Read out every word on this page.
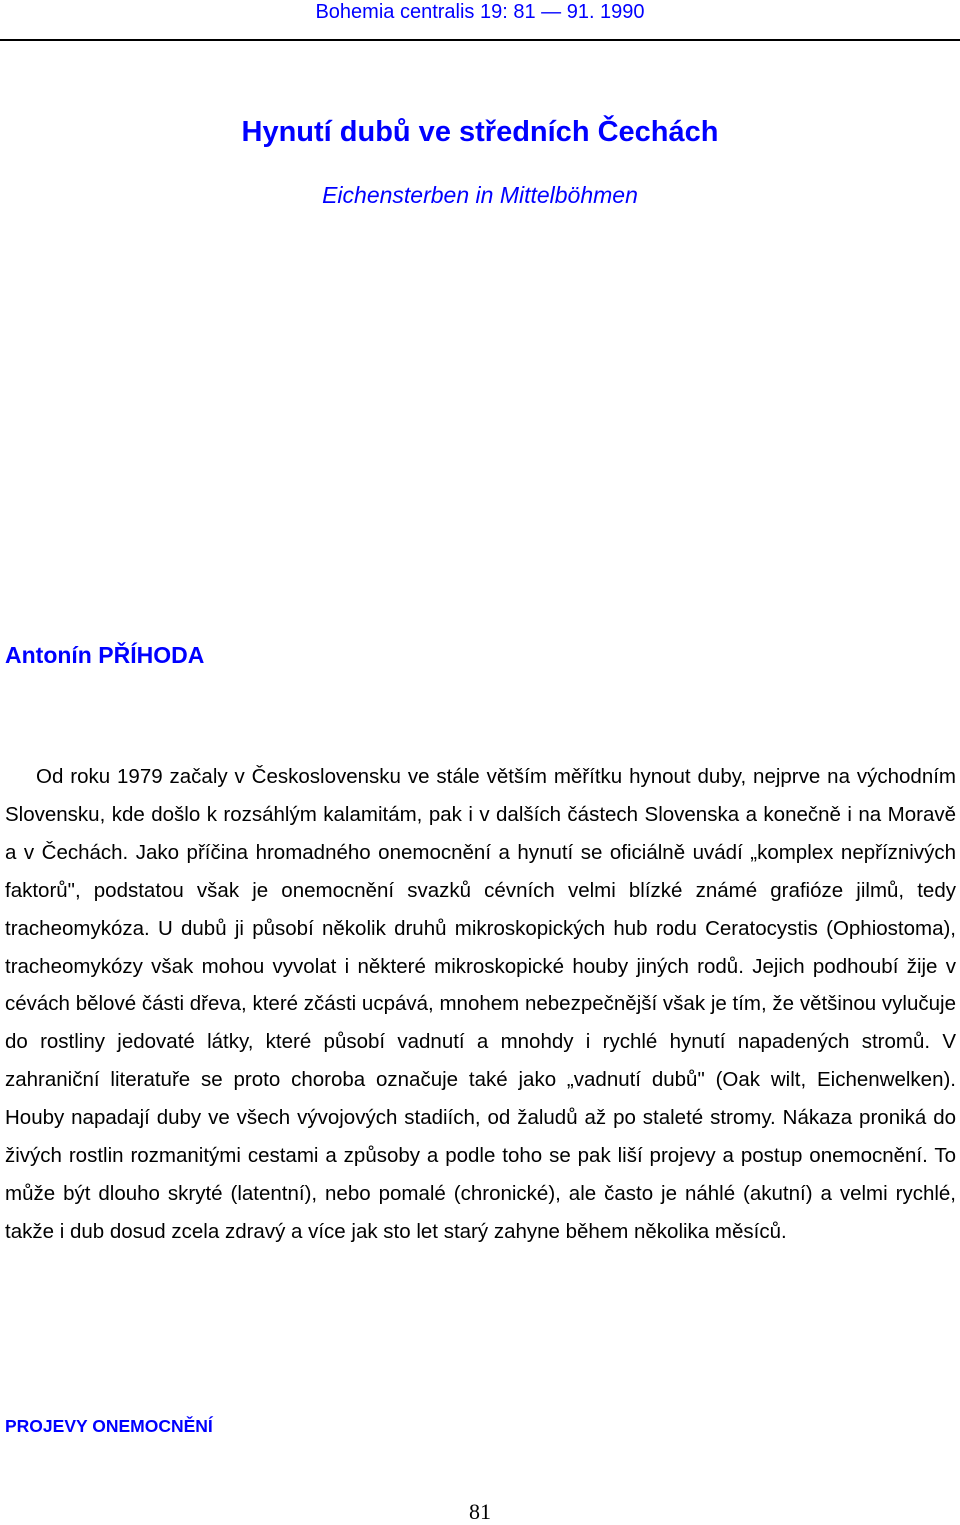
Bohemia centralis 19: 81 — 91. 1990
Hynutí dubů ve středních Čechách
Eichensterben in Mittelböhmen
Antonín PŘÍHODA

Od roku 1979 začaly v Československu ve stále větším měřítku hynout duby, nejprve na východním Slovensku, kde došlo k rozsáhlým kalamitám, pak i v dalších částech Slovenska a konečně i na Moravě a v Čechách. Jako příčina hromadného onemocnění a hynutí se oficiálně uvádí „komplex nepříznivých faktorů", podstatou však je onemocnění svazků cévních velmi blízké známé grafióze jilmů, tedy tracheomykóza. U dubů ji působí několik druhů mikroskopických hub rodu Ceratocystis (Ophiostoma), tracheomykózy však mohou vyvolat i některé mikroskopické houby jiných rodů. Jejich podhoubí žije v cévách bělové části dřeva, které zčásti ucpává, mnohem nebezpečnější však je tím, že většinou vylučuje do rostliny jedovaté látky, které působí vadnutí a mnohdy i rychlé hynutí napadených stromů. V zahraniční literatuře se proto choroba označuje také jako „vadnutí dubů" (Oak wilt, Eichenwelken). Houby napadají duby ve všech vývojových stadiích, od žaludů až po staleté stromy. Nákaza proniká do živých rostlin rozmanitými cestami a způsoby a podle toho se pak liší projevy a postup onemocnění. To může být dlouho skryté (latentní), nebo pomalé (chronické), ale často je náhlé (akutní) a velmi rychlé, takže i dub dosud zcela zdravý a více jak sto let starý zahyne během několika měsíců.

PROJEVY ONEMOCNĚNÍ
81
